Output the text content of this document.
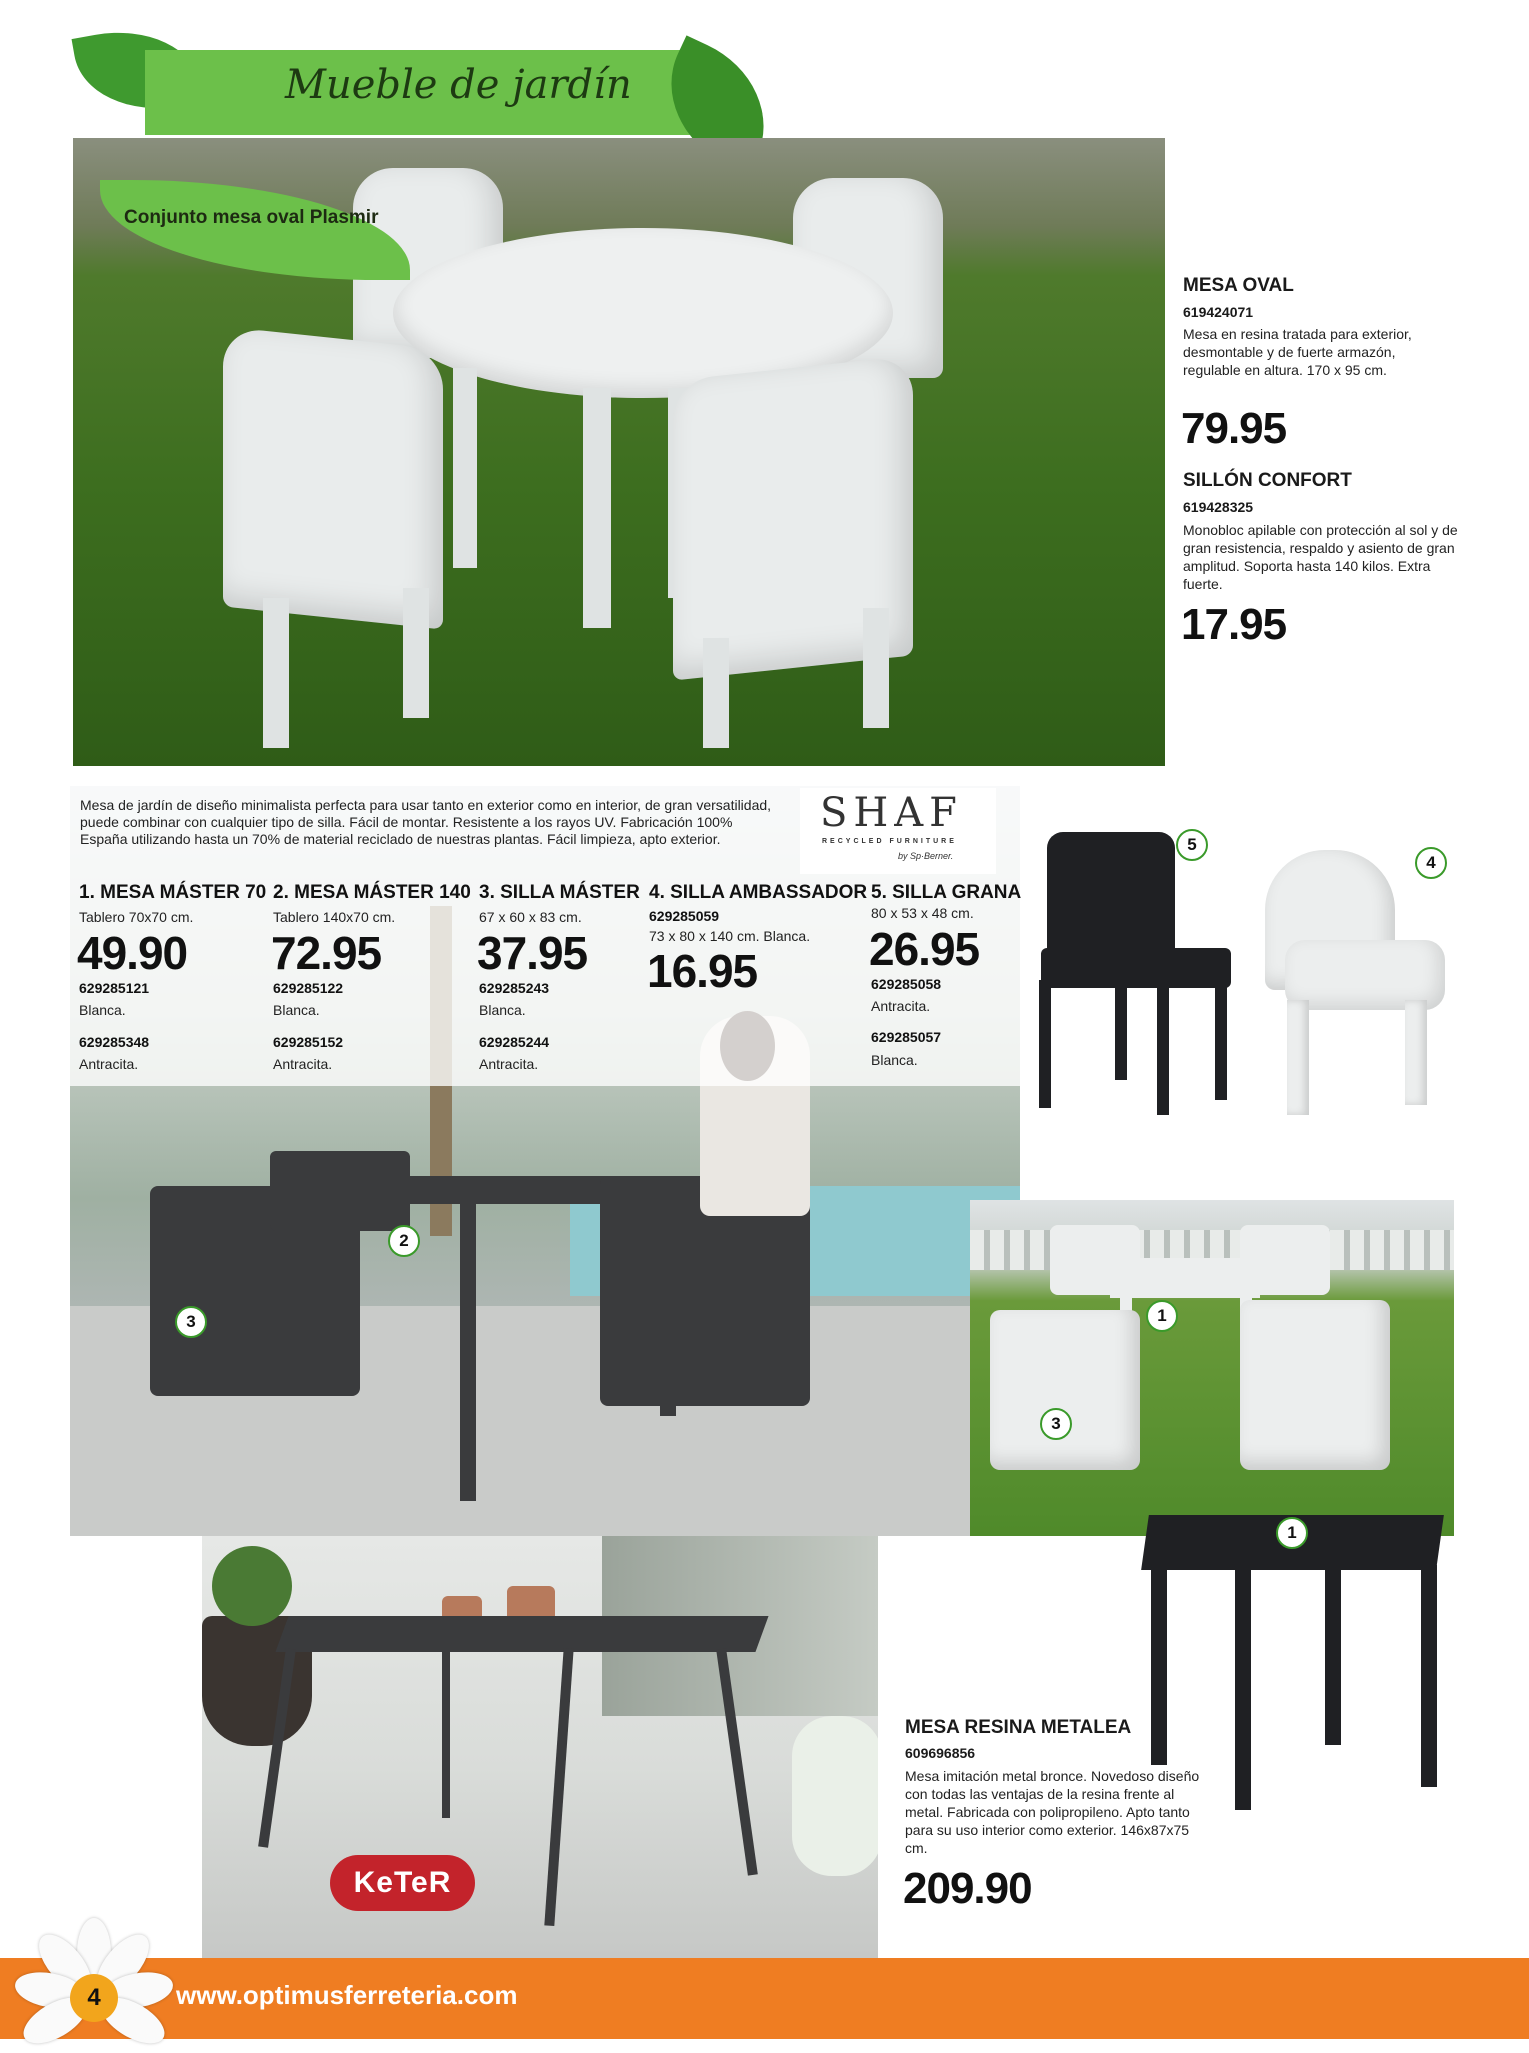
Mueble de jardín
Conjunto mesa oval Plasmir
MESA OVAL
619424071
Mesa en resina tratada para exterior, desmontable y de fuerte armazón, regulable en altura. 170 x 95 cm.
79.95
SILLÓN CONFORT
619428325
Monobloc apilable con protección al sol y de gran resistencia, respaldo y asiento de gran amplitud. Soporta hasta 140 kilos. Extra fuerte.
17.95
Mesa de jardín de diseño minimalista perfecta para usar tanto en exterior como en interior, de gran versatilidad, puede combinar con cualquier tipo de silla. Fácil de montar. Resistente a los rayos UV. Fabricación 100% España utilizando hasta un 70% de material reciclado de nuestras plantas. Fácil limpieza, apto exterior.
SHAF
RECYCLED FURNITURE
by Sp·Berner.
1. MESA MÁSTER 70
Tablero 70x70 cm.
49.90
629285121
Blanca.
629285348
Antracita.
2. MESA MÁSTER 140
Tablero 140x70 cm.
72.95
629285122
Blanca.
629285152
Antracita.
3. SILLA MÁSTER
67 x 60 x 83 cm.
37.95
629285243
Blanca.
629285244
Antracita.
4. SILLA AMBASSADOR
629285059
73 x 80 x 140 cm. Blanca.
16.95
5. SILLA GRANA
80 x 53 x 48 cm.
26.95
629285058
Antracita.
629285057
Blanca.
2
3
5
4
1
3
1
KeTeR
MESA RESINA METALEA
609696856
Mesa imitación metal bronce. Novedoso diseño con todas las ventajas de la resina frente al metal. Fabricada con polipropileno. Apto tanto para su uso interior como exterior. 146x87x75 cm.
209.90
4	www.optimusferreteria.com
